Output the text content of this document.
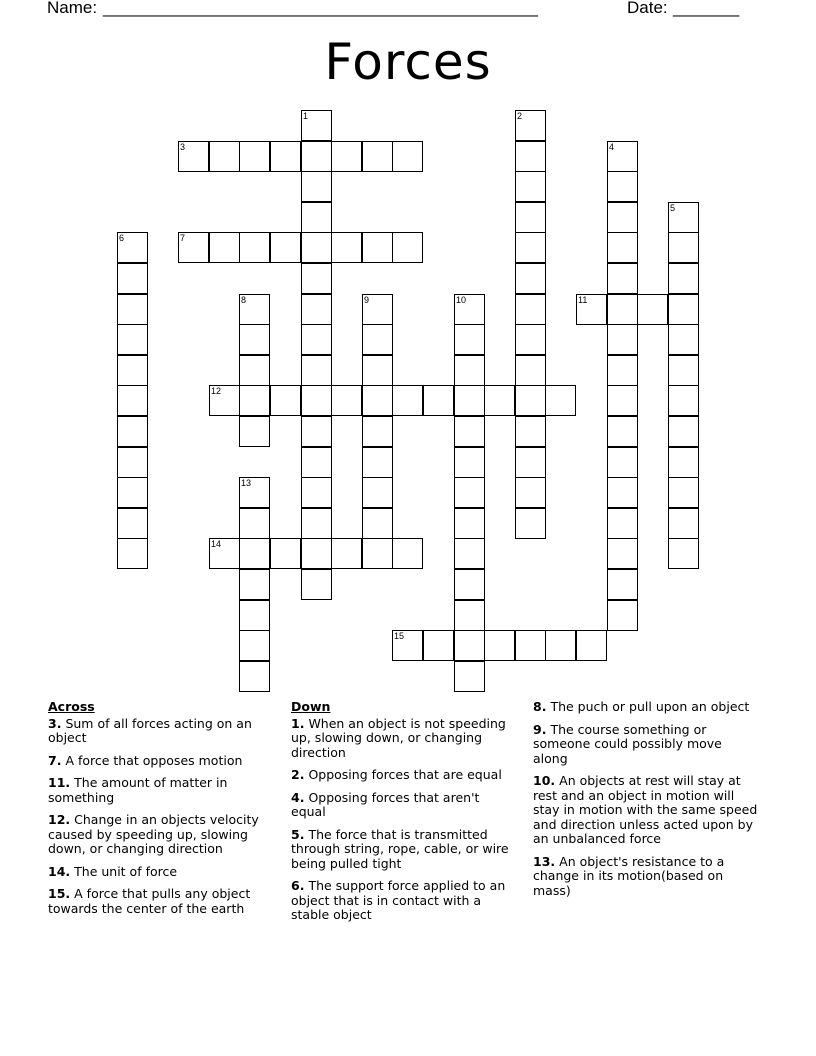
Name:

______________________________________________

	Date:

_______

Forces
1	2
3	4
5
6	7
8	9	10	11
12
13
14
15
Across
3. Sum of all forces acting on an object
7. A force that opposes motion
11. The amount of matter in something
12. Change in an objects velocity caused by speeding up, slowing down, or changing direction
14. The unit of force
15. A force that pulls any object towards the center of the earth
Down
1. When an object is not speeding up, slowing down, or changing direction
2. Opposing forces that are equal
4. Opposing forces that aren't equal
5. The force that is transmitted through string, rope, cable, or wire being pulled tight
6. The support force applied to an object that is in contact with a stable object
8. The puch or pull upon an object
9. The course something or someone could possibly move along
10. An objects at rest will stay at rest and an object in motion will stay in motion with the same speed and direction unless acted upon by an unbalanced force
13. An object's resistance to a change in its motion(based on mass)
